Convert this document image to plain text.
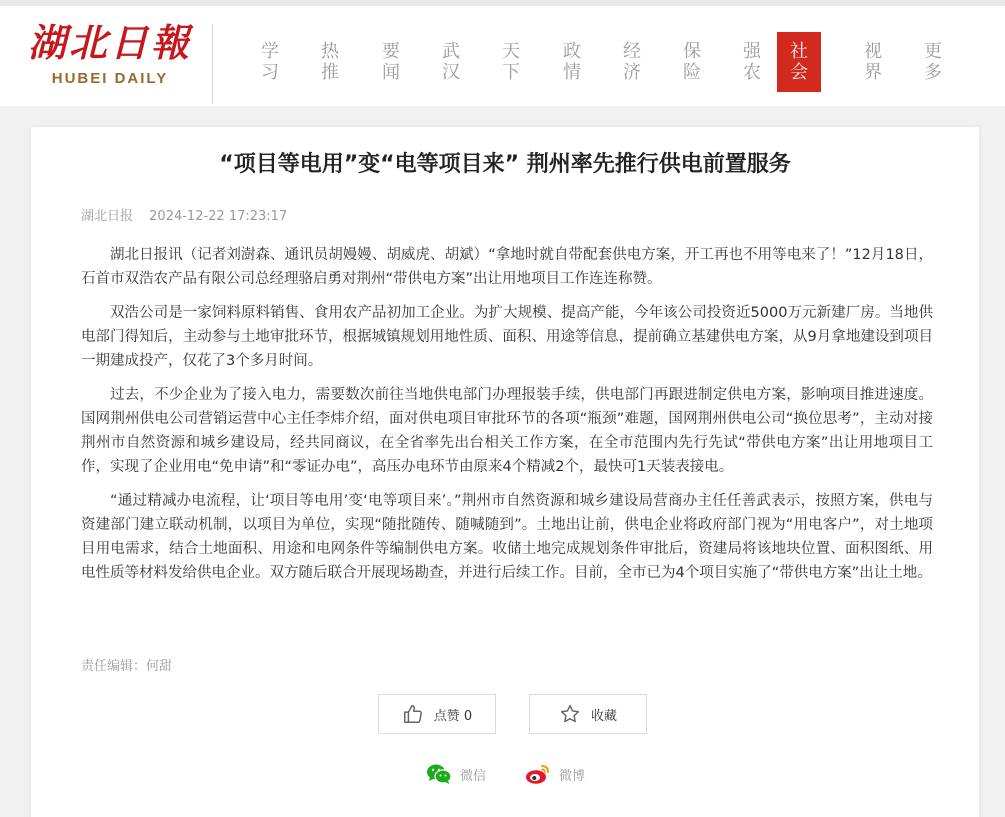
湖北日報
HUBEI DAILY
学
习
热
推
要
闻
武
汉
天
下
政
情
经
济
保
险
强
农
社
会
视
界
更
多
“项目等电用”变“电等项目来” 荆州率先推行供电前置服务
湖北日报 2024-12-22 17:23:17

湖北日报讯（记者刘澍森、通讯员胡嫚嫚、胡威虎、胡斌）“拿地时就自带配套供电方案，开工再也不用等电来了！”12月18日，石首市双浩农产品有限公司总经理骆启勇对荆州“带供电方案”出让用地项目工作连连称赞。

双浩公司是一家饲料原料销售、食用农产品初加工企业。为扩大规模、提高产能，今年该公司投资近5000万元新建厂房。当地供电部门得知后，主动参与土地审批环节，根据城镇规划用地性质、面积、用途等信息，提前确立基建供电方案，从9月拿地建设到项目一期建成投产，仅花了3个多月时间。

过去，不少企业为了接入电力，需要数次前往当地供电部门办理报装手续，供电部门再跟进制定供电方案，影响项目推进速度。国网荆州供电公司营销运营中心主任李炜介绍，面对供电项目审批环节的各项“瓶颈”难题，国网荆州供电公司“换位思考”，主动对接荆州市自然资源和城乡建设局，经共同商议，在全省率先出台相关工作方案，在全市范围内先行先试“带供电方案”出让用地项目工作，实现了企业用电“免申请”和“零证办电”，高压办电环节由原来4个精减2个，最快可1天装表接电。

“通过精减办电流程，让‘项目等电用’变‘电等项目来’。”荆州市自然资源和城乡建设局营商办主任任善武表示，按照方案，供电与资建部门建立联动机制，以项目为单位，实现“随批随传、随喊随到”。土地出让前，供电企业将政府部门视为“用电客户”，对土地项目用电需求，结合土地面积、用途和电网条件等编制供电方案。收储土地完成规划条件审批后，资建局将该地块位置、面积图纸、用电性质等材料发给供电企业。双方随后联合开展现场勘查，并进行后续工作。目前，全市已为4个项目实施了“带供电方案”出让土地。

责任编辑：何甜
点赞 0	收藏
微信	微博
